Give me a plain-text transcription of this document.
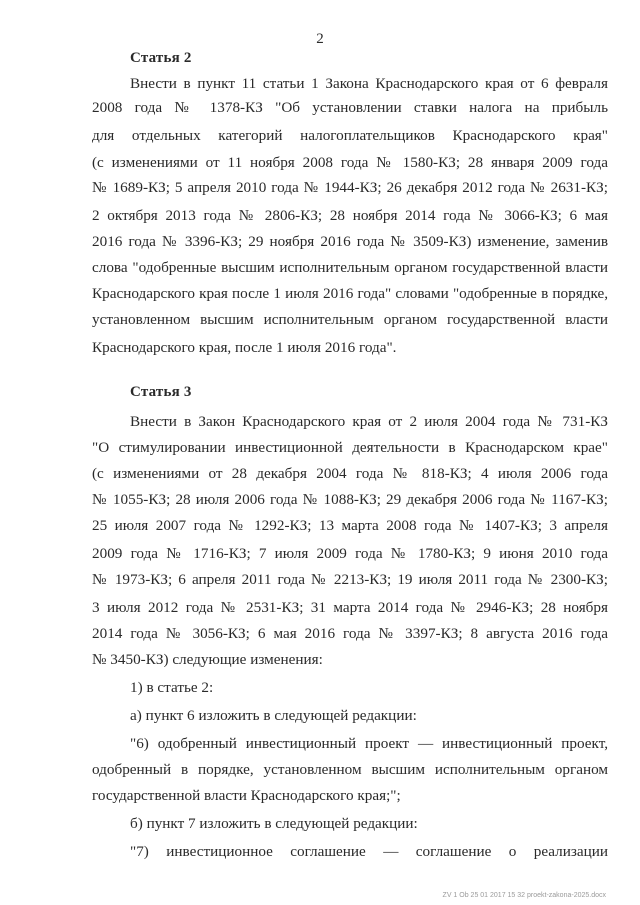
2
Статья 2
Внести в пункт 11 статьи 1 Закона Краснодарского края от 6 февраля
2008 года № 1378-КЗ "Об установлении ставки налога на прибыль
для отдельных категорий налогоплательщиков Краснодарского края"
(с изменениями от 11 ноября 2008 года № 1580-КЗ; 28 января 2009 года
№ 1689-КЗ; 5 апреля 2010 года № 1944-КЗ; 26 декабря 2012 года № 2631-КЗ;
2 октября 2013 года № 2806-КЗ; 28 ноября 2014 года № 3066-КЗ; 6 мая
2016 года № 3396-КЗ; 29 ноября 2016 года № 3509-КЗ) изменение, заменив
слова "одобренные высшим исполнительным органом государственной власти
Краснодарского края после 1 июля 2016 года" словами "одобренные в порядке,
установленном высшим исполнительным органом государственной власти
Краснодарского края, после 1 июля 2016 года".
Статья 3
Внести в Закон Краснодарского края от 2 июля 2004 года № 731-КЗ
"О стимулировании инвестиционной деятельности в Краснодарском крае"
(с изменениями от 28 декабря 2004 года № 818-КЗ; 4 июля 2006 года
№ 1055-КЗ; 28 июля 2006 года № 1088-КЗ; 29 декабря 2006 года № 1167-КЗ;
25 июля 2007 года № 1292-КЗ; 13 марта 2008 года № 1407-КЗ; 3 апреля
2009 года № 1716-КЗ; 7 июля 2009 года № 1780-КЗ; 9 июня 2010 года
№ 1973-КЗ; 6 апреля 2011 года № 2213-КЗ; 19 июля 2011 года № 2300-КЗ;
3 июля 2012 года № 2531-КЗ; 31 марта 2014 года № 2946-КЗ; 28 ноября
2014 года № 3056-КЗ; 6 мая 2016 года № 3397-КЗ; 8 августа 2016 года
№ 3450-КЗ) следующие изменения:
1) в статье 2:
а) пункт 6 изложить в следующей редакции:
"6) одобренный инвестиционный проект — инвестиционный проект,
одобренный в порядке, установленном высшим исполнительным органом
государственной власти Краснодарского края;";
б) пункт 7 изложить в следующей редакции:
"7) инвестиционное соглашение — соглашение о реализации
ZV 1 Ob 25 01 2017 15 32 proekt-zakona-2025.docx
